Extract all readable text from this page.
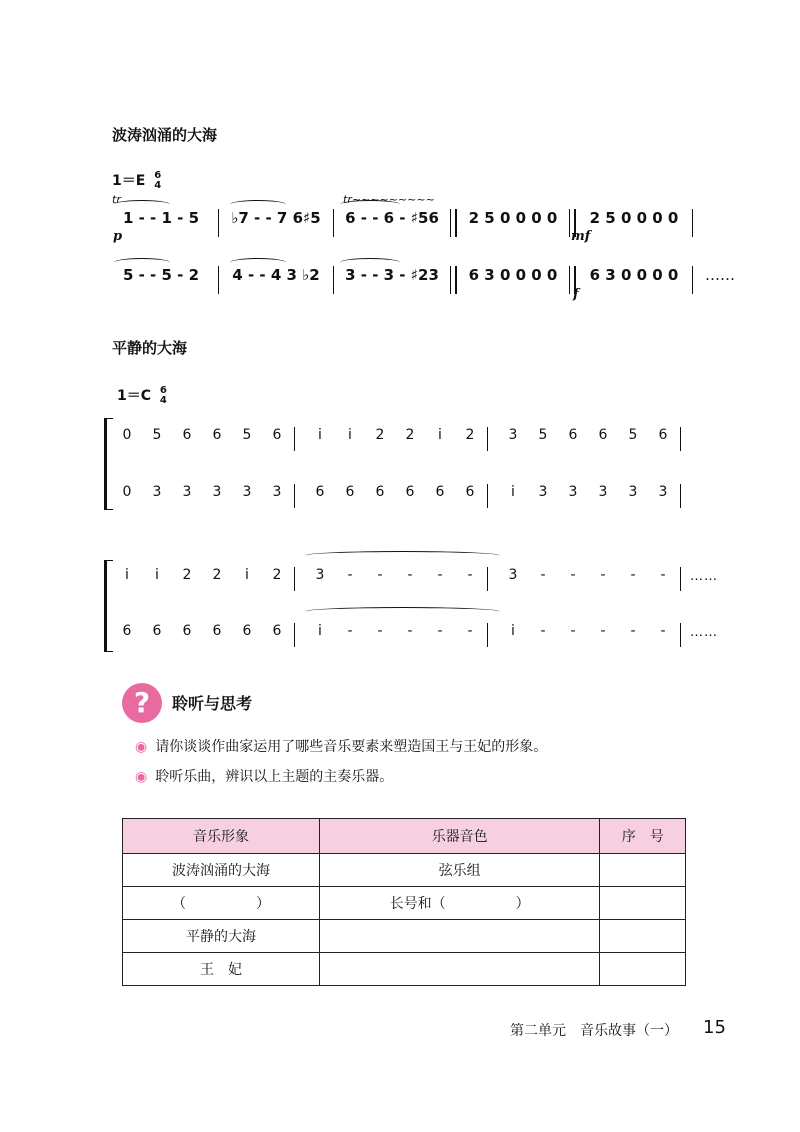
波涛汹涌的大海
1＝E 6
4
tr	tr~~~~~~~~~
1 - - 1 - 5	♭7 - - 7 6♯5 6 - - 6 - ♯56 2 5 0 0 0 0	2 5 0 0 0 0
p	mf
5 - - 5 - 2	4 - - 4 3 ♭2	3 - - 3 - ♯23 6 3 0 0 0 0	6 3 0 0 0 0	……
f
平静的大海
1＝C 6
4
0	5	6	6	5	6	i	i	2	2	i	2	3	5	6	6	5	6
0	3	3	3	3	3	6	6	6	6	6	6	i	3	3	3	3	3
i	i	2	2	i	2	3	-	-	-	-	-	3	-	-	-	-	-
6	6	6	6	6	6	i	-	-	-	-	-	i	-	-	-	-	-
……
……
?	聆听与思考
◉ 请你谈谈作曲家运用了哪些音乐要素来塑造国王与王妃的形象。
◉ 聆听乐曲，辨识以上主题的主奏乐器。
音乐形象	乐器音色	序　号
波涛汹涌的大海	弦乐组	
（　　　　　）	长号和（　　　　　）	
平静的大海		
王　妃		
第二单元　音乐故事（一） 15
